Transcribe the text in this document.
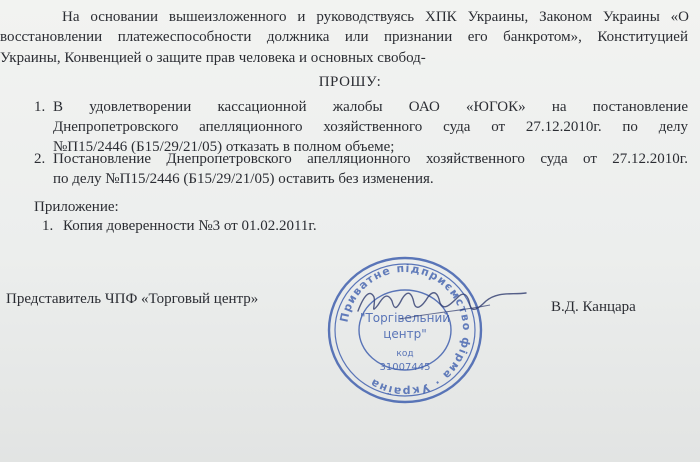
На основании вышеизложенного и руководствуясь ХПК Украины, Законом Украины «О
восстановлении платежеспособности должника или признании его банкротом», Конституцией
Украины, Конвенцией о защите прав человека и основных свобод-
ПРОШУ:
1. В удовлетворении кассационной жалобы ОАО «ЮГОК» на постановление
Днепропетровского апелляционного хозяйственного суда от 27.12.2010г. по делу
№П15/2446 (Б15/29/21/05) отказать в полном объеме;
2. Постановление Днепропетровского апелляционного хозяйственного суда от 27.12.2010г.
по делу №П15/2446 (Б15/29/21/05) оставить без изменения.
Приложение:
1. Копия доверенности №3 от 01.02.2011г.
Представитель ЧПФ «Торговый центр»	В.Д. Канцара
Приватне підприємство фірма · Україна
"Торгівельний
центр"
код
31007445
